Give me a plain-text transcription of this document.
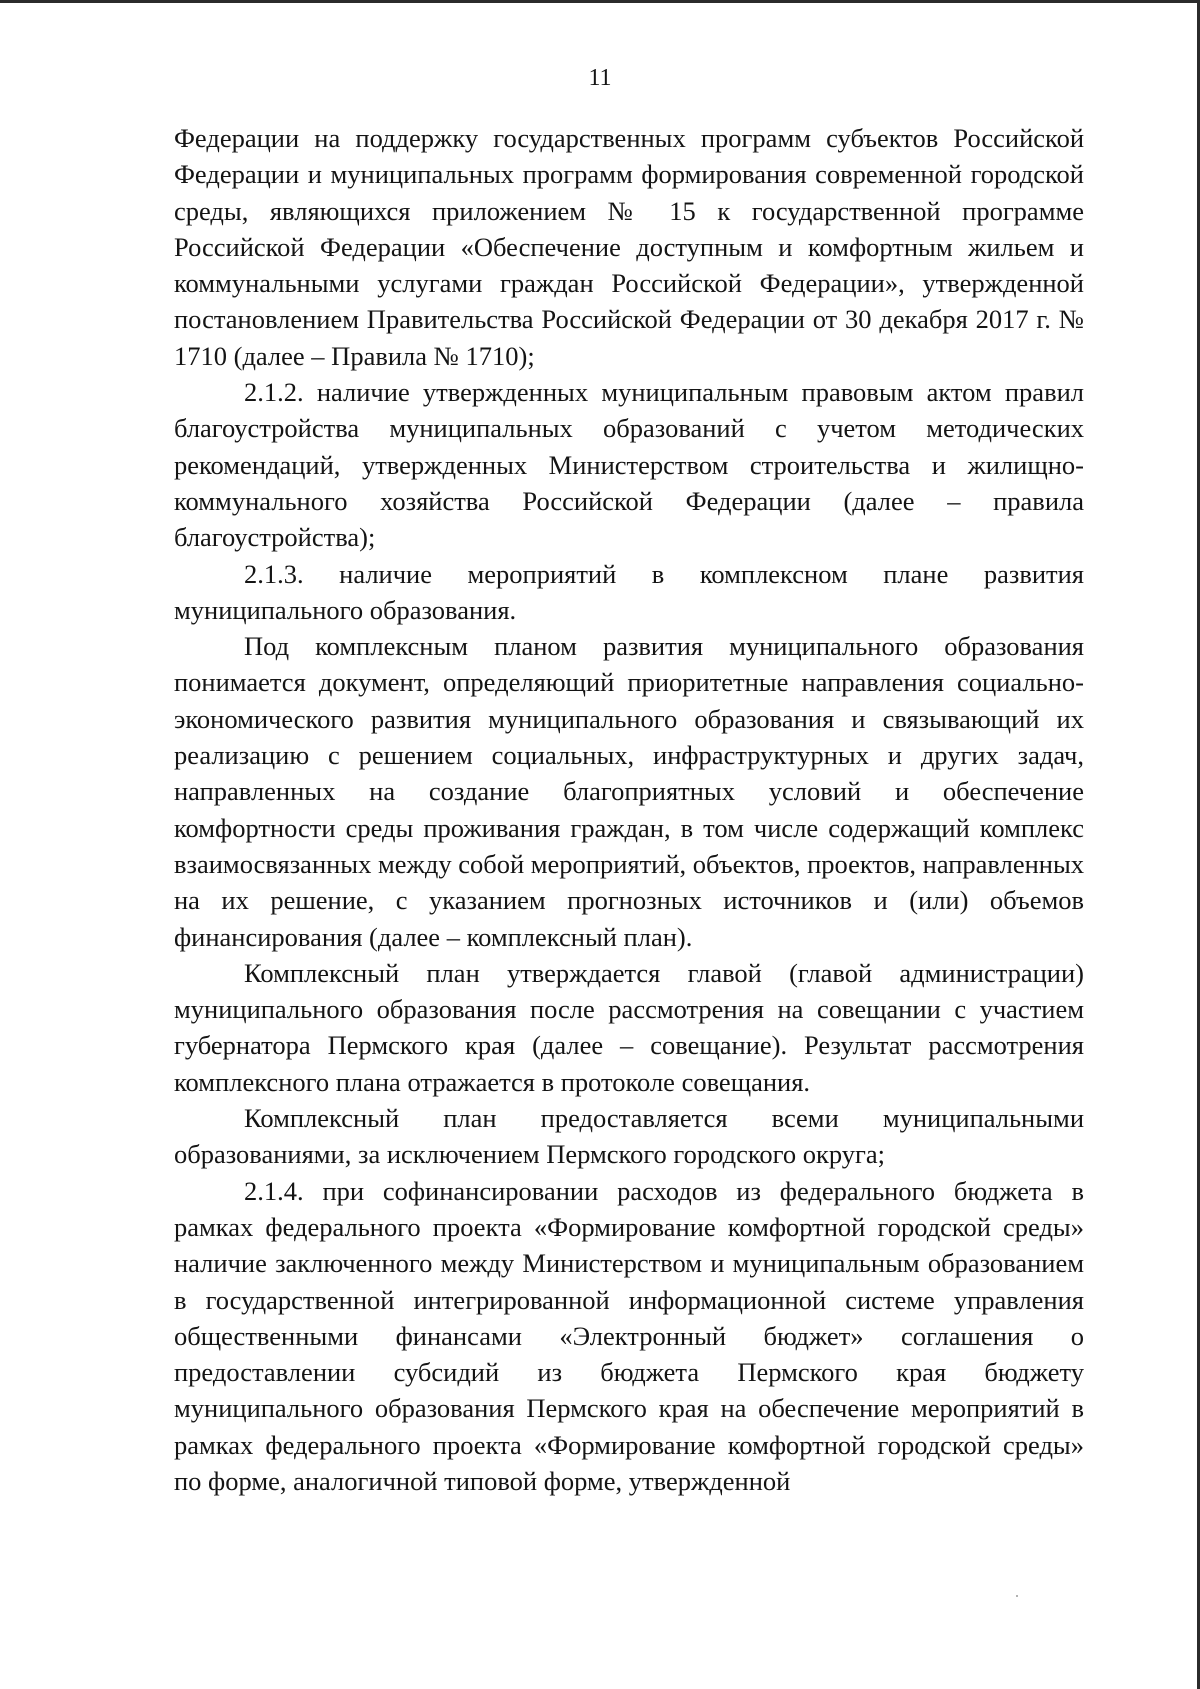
11

Федерации на поддержку государственных программ субъектов Российской Федерации и муниципальных программ формирования современной городской среды, являющихся приложением № 15 к государственной программе Российской Федерации «Обеспечение доступным и комфортным жильем и коммунальными услугами граждан Российской Федерации», утвержденной постановлением Правительства Российской Федерации от 30 декабря 2017 г. № 1710 (далее – Правила № 1710);

2.1.2. наличие утвержденных муниципальным правовым актом правил благоустройства муниципальных образований с учетом методических рекомендаций, утвержденных Министерством строительства и жилищно-коммунального хозяйства Российской Федерации (далее – правила благоустройства);

2.1.3. наличие мероприятий в комплексном плане развития муниципального образования.

Под комплексным планом развития муниципального образования понимается документ, определяющий приоритетные направления социально-экономического развития муниципального образования и связывающий их реализацию с решением социальных, инфраструктурных и других задач, направленных на создание благоприятных условий и обеспечение комфортности среды проживания граждан, в том числе содержащий комплекс взаимосвязанных между собой мероприятий, объектов, проектов, направленных на их решение, с указанием прогнозных источников и (или) объемов финансирования (далее – комплексный план).

Комплексный план утверждается главой (главой администрации) муниципального образования после рассмотрения на совещании с участием губернатора Пермского края (далее – совещание). Результат рассмотрения комплексного плана отражается в протоколе совещания.

Комплексный план предоставляется всеми муниципальными образованиями, за исключением Пермского городского округа;

2.1.4. при софинансировании расходов из федерального бюджета в рамках федерального проекта «Формирование комфортной городской среды» наличие заключенного между Министерством и муниципальным образованием в государственной интегрированной информационной системе управления общественными финансами «Электронный бюджет» соглашения о предоставлении субсидий из бюджета Пермского края бюджету муниципального образования Пермского края на обеспечение мероприятий в рамках федерального проекта «Формирование комфортной городской среды» по форме, аналогичной типовой форме, утвержденной
